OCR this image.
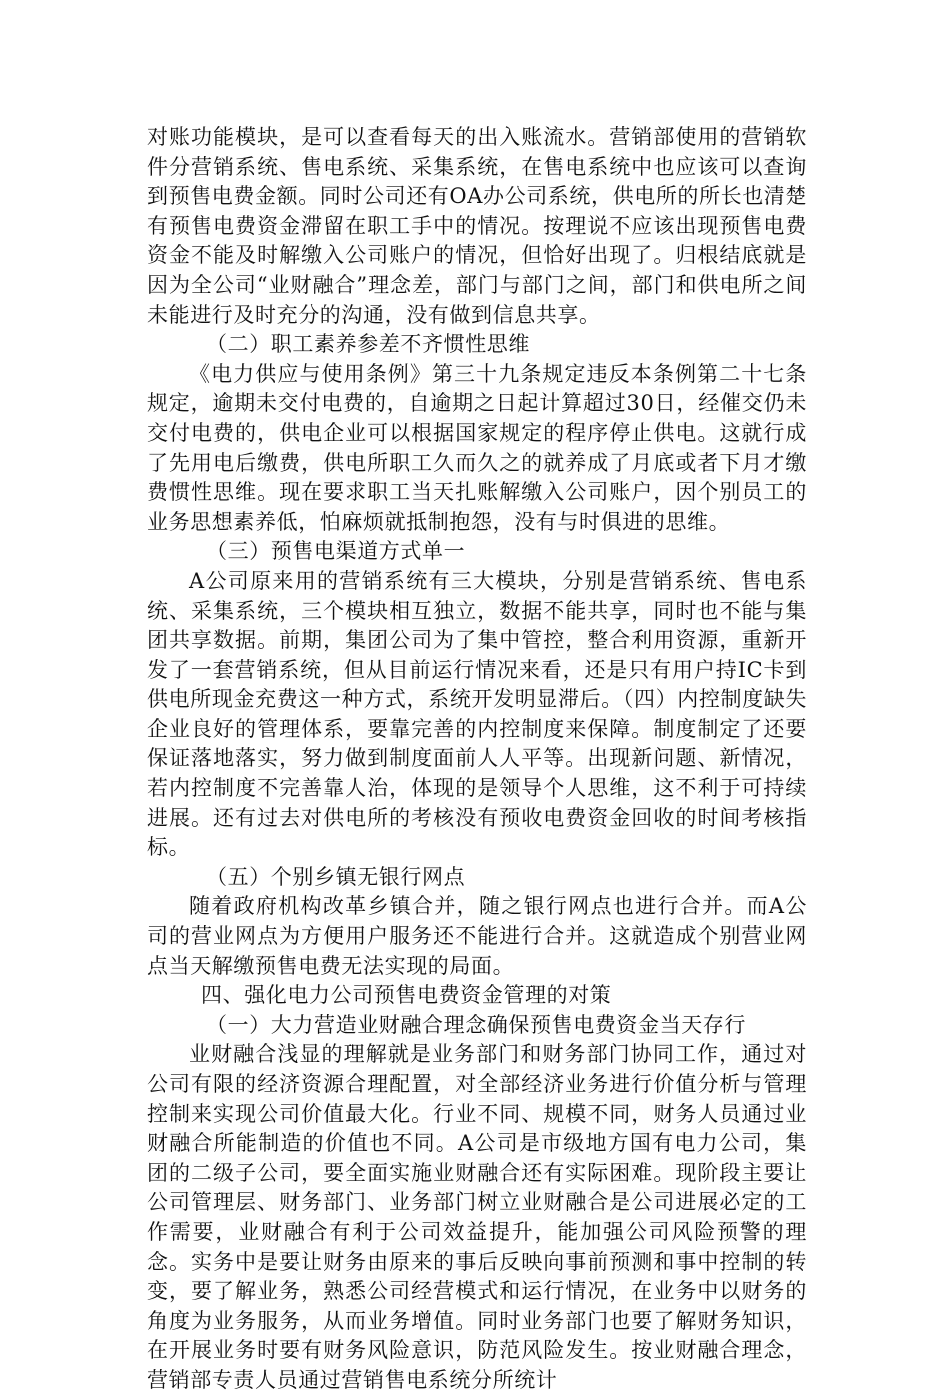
对账功能模块，是可以查看每天的出入账流水。营销部使用的营销软件分营销系统、售电系统、采集系统，在售电系统中也应该可以查询到预售电费金额。同时公司还有OA办公司系统，供电所的所长也清楚有预售电费资金滞留在职工手中的情况。按理说不应该出现预售电费资金不能及时解缴入公司账户的情况，但恰好出现了。归根结底就是因为全公司“业财融合”理念差，部门与部门之间，部门和供电所之间未能进行及时充分的沟通，没有做到信息共享。

（二）职工素养参差不齐惯性思维

《电力供应与使用条例》第三十九条规定违反本条例第二十七条规定，逾期未交付电费的，自逾期之日起计算超过30日，经催交仍未交付电费的，供电企业可以根据国家规定的程序停止供电。这就行成了先用电后缴费，供电所职工久而久之的就养成了月底或者下月才缴费惯性思维。现在要求职工当天扎账解缴入公司账户，因个别员工的业务思想素养低，怕麻烦就抵制抱怨，没有与时俱进的思维。

（三）预售电渠道方式单一

A公司原来用的营销系统有三大模块，分别是营销系统、售电系统、采集系统，三个模块相互独立，数据不能共享，同时也不能与集团共享数据。前期，集团公司为了集中管控，整合利用资源，重新开发了一套营销系统，但从目前运行情况来看，还是只有用户持IC卡到供电所现金充费这一种方式，系统开发明显滞后。（四）内控制度缺失企业良好的管理体系，要靠完善的内控制度来保障。制度制定了还要保证落地落实，努力做到制度面前人人平等。出现新问题、新情况，若内控制度不完善靠人治，体现的是领导个人思维，这不利于可持续进展。还有过去对供电所的考核没有预收电费资金回收的时间考核指标。

（五）个别乡镇无银行网点

随着政府机构改革乡镇合并，随之银行网点也进行合并。而A公司的营业网点为方便用户服务还不能进行合并。这就造成个别营业网点当天解缴预售电费无法实现的局面。

四、强化电力公司预售电费资金管理的对策

（一）大力营造业财融合理念确保预售电费资金当天存行

业财融合浅显的理解就是业务部门和财务部门协同工作，通过对公司有限的经济资源合理配置，对全部经济业务进行价值分析与管理控制来实现公司价值最大化。行业不同、规模不同，财务人员通过业财融合所能制造的价值也不同。A公司是市级地方国有电力公司，集团的二级子公司，要全面实施业财融合还有实际困难。现阶段主要让公司管理层、财务部门、业务部门树立业财融合是公司进展必定的工作需要，业财融合有利于公司效益提升，能加强公司风险预警的理念。实务中是要让财务由原来的事后反映向事前预测和事中控制的转变，要了解业务，熟悉公司经营模式和运行情况，在业务中以财务的角度为业务服务，从而业务增值。同时业务部门也要了解财务知识，在开展业务时要有财务风险意识，防范风险发生。按业财融合理念，营销部专责人员通过营销售电系统分所统计
